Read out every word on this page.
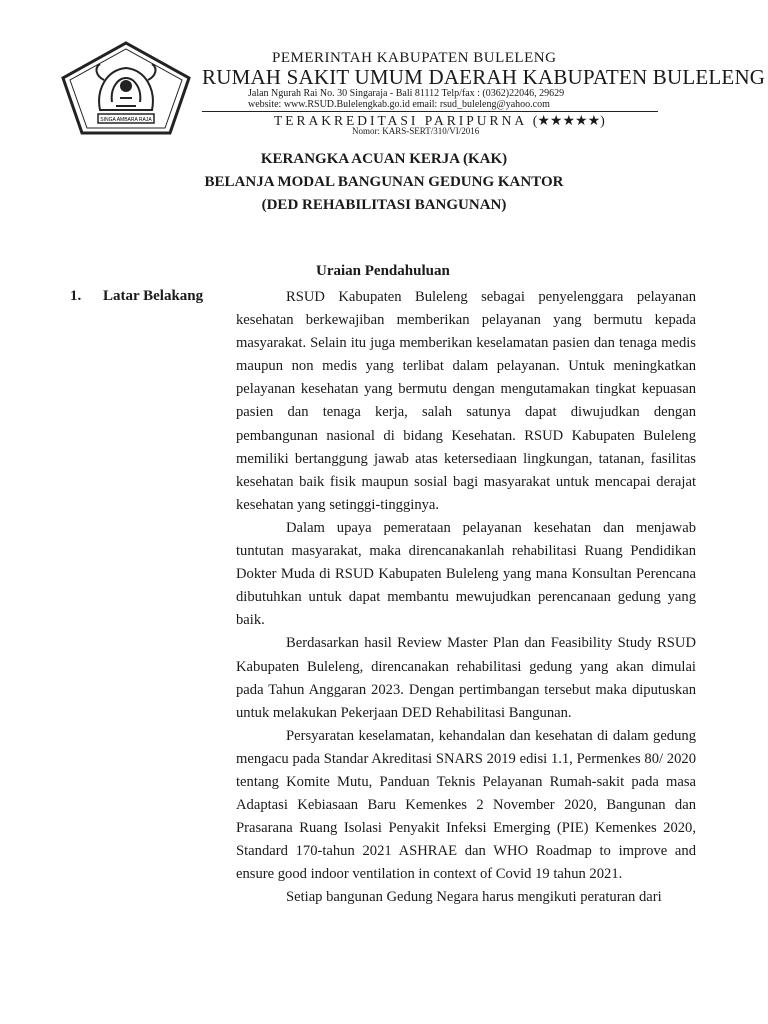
SINGA AMBARA RAJA
PEMERINTAH KABUPATEN BULELENG
RUMAH SAKIT UMUM DAERAH KABUPATEN BULELENG
Jalan Ngurah Rai No. 30 Singaraja - Bali 81112 Telp/fax : (0362)22046, 29629
website: www.RSUD.Bulelengkab.go.id email: rsud_buleleng@yahoo.com
TERAKREDITASI PARIPURNA (★★★★★)
Nomor: KARS-SERT/310/VI/2016
KERANGKA ACUAN KERJA (KAK)
BELANJA MODAL BANGUNAN GEDUNG KANTOR
(DED REHABILITASI BANGUNAN)
Uraian Pendahuluan
1. Latar Belakang	RSUD Kabupaten Buleleng sebagai penyelenggara pelayanan kesehatan berkewajiban memberikan pelayanan yang bermutu kepada masyarakat. Selain itu juga memberikan keselamatan pasien dan tenaga medis maupun non medis yang terlibat dalam pelayanan. Untuk meningkatkan pelayanan kesehatan yang bermutu dengan mengutamakan tingkat kepuasan pasien dan tenaga kerja, salah satunya dapat diwujudkan dengan pembangunan nasional di bidang Kesehatan. RSUD Kabupaten Buleleng memiliki bertanggung jawab atas ketersediaan lingkungan, tatanan, fasilitas kesehatan baik fisik maupun sosial bagi masyarakat untuk mencapai derajat kesehatan yang setinggi-tingginya.

Dalam upaya pemerataan pelayanan kesehatan dan menjawab tuntutan masyarakat, maka direncanakanlah rehabilitasi Ruang Pendidikan Dokter Muda di RSUD Kabupaten Buleleng yang mana Konsultan Perencana dibutuhkan untuk dapat membantu mewujudkan perencanaan gedung yang baik.

Berdasarkan hasil Review Master Plan dan Feasibility Study RSUD Kabupaten Buleleng, direncanakan rehabilitasi gedung yang akan dimulai pada Tahun Anggaran 2023. Dengan pertimbangan tersebut maka diputuskan untuk melakukan Pekerjaan DED Rehabilitasi Bangunan.

Persyaratan keselamatan, kehandalan dan kesehatan di dalam gedung mengacu pada Standar Akreditasi SNARS 2019 edisi 1.1, Permenkes 80/ 2020 tentang Komite Mutu, Panduan Teknis Pelayanan Rumah-sakit pada masa Adaptasi Kebiasaan Baru Kemenkes 2 November 2020, Bangunan dan Prasarana Ruang Isolasi Penyakit Infeksi Emerging (PIE) Kemenkes 2020, Standard 170-tahun 2021 ASHRAE dan WHO Roadmap to improve and ensure good indoor ventilation in context of Covid 19 tahun 2021.

Setiap bangunan Gedung Negara harus mengikuti peraturan dari
